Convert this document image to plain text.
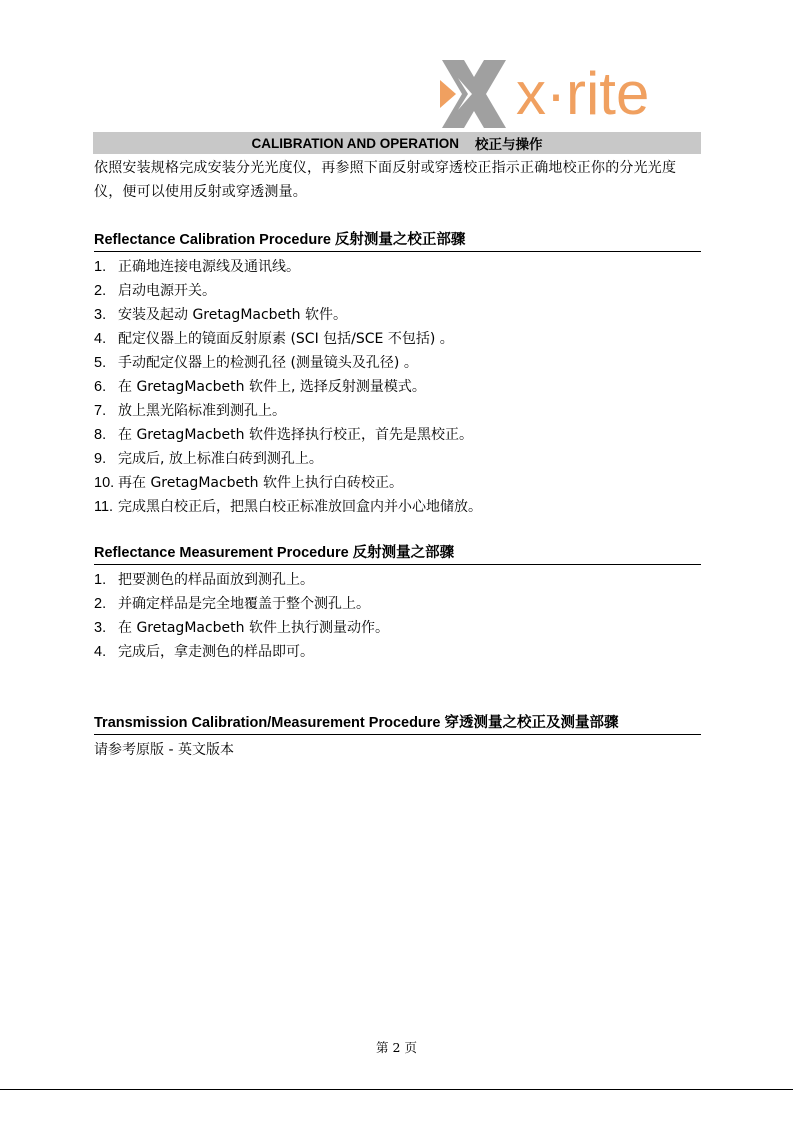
x·rite
CALIBRATION AND OPERATION 校正与操作
依照安装规格完成安装分光光度仪，再参照下面反射或穿透校正指示正确地校正你的分光光度仪，便可以使用反射或穿透测量。
Reflectance Calibration Procedure 反射测量之校正部骤
1. 正确地连接电源线及通讯线。
2. 启动电源开关。
3. 安装及起动 GretagMacbeth 软件。
4. 配定仪器上的镜面反射原素 (SCI 包括/SCE 不包括) 。
5. 手动配定仪器上的检测孔径 (测量镜头及孔径) 。
6. 在 GretagMacbeth 软件上, 选择反射测量模式。
7. 放上黑光陷标准到测孔上。
8. 在 GretagMacbeth 软件选择执行校正，首先是黑校正。
9. 完成后, 放上标准白砖到测孔上。
10. 再在 GretagMacbeth 软件上执行白砖校正。
11. 完成黑白校正后，把黑白校正标准放回盒内并小心地储放。
Reflectance Measurement Procedure 反射测量之部骤
1. 把要测色的样品面放到测孔上。
2. 并确定样品是完全地覆盖于整个测孔上。
3. 在 GretagMacbeth 软件上执行测量动作。
4. 完成后，拿走测色的样品即可。
Transmission Calibration/Measurement Procedure 穿透测量之校正及测量部骤
请参考原版 - 英文版本
第 2 页
